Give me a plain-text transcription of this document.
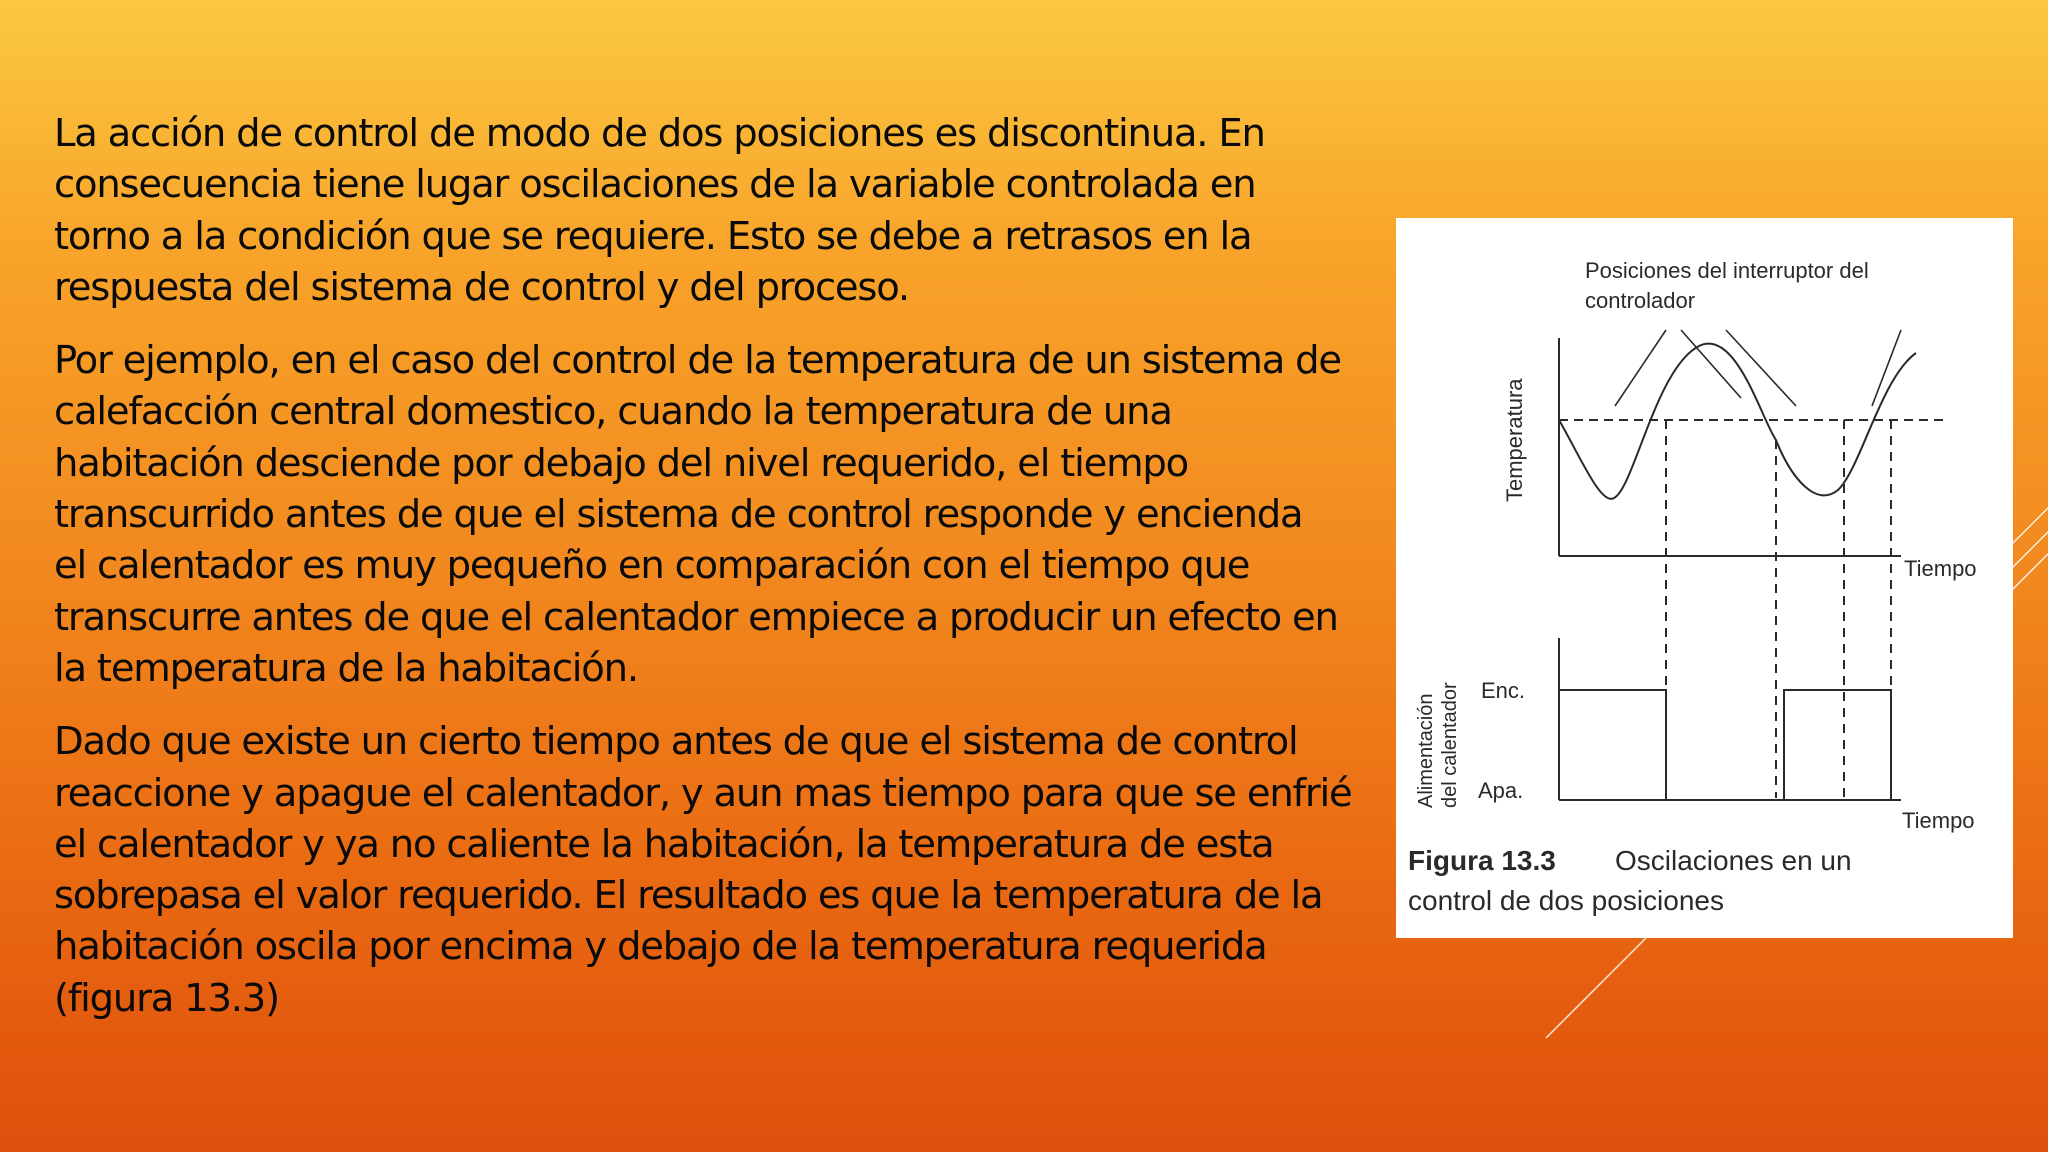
La acción de control de modo de dos posiciones es discontinua. En
consecuencia tiene lugar oscilaciones de la variable controlada en
torno a la condición que se requiere. Esto se debe a retrasos en la
respuesta del sistema de control y del proceso.

Por ejemplo, en el caso del control de la temperatura de un sistema de
calefacción central domestico, cuando la temperatura de una
habitación desciende por debajo del nivel requerido, el tiempo
transcurrido antes de que el sistema de control responde y encienda
el calentador es muy pequeño en comparación con el tiempo que
transcurre antes de que el calentador empiece a producir un efecto en
la temperatura de la habitación.

Dado que existe un cierto tiempo antes de que el sistema de control
reaccione y apague el calentador, y aun mas tiempo para que se enfrié
el calentador y ya no caliente la habitación, la temperatura de esta
sobrepasa el valor requerido. El resultado es que la temperatura de la
habitación oscila por encima y debajo de la temperatura requerida
(figura 13.3)

Posiciones del interruptor del
controlador
Temperatura
Tiempo
Alimentación del calentador Enc.
Apa.
Tiempo
Figura 13.3 Oscilaciones en un
control de dos posiciones
